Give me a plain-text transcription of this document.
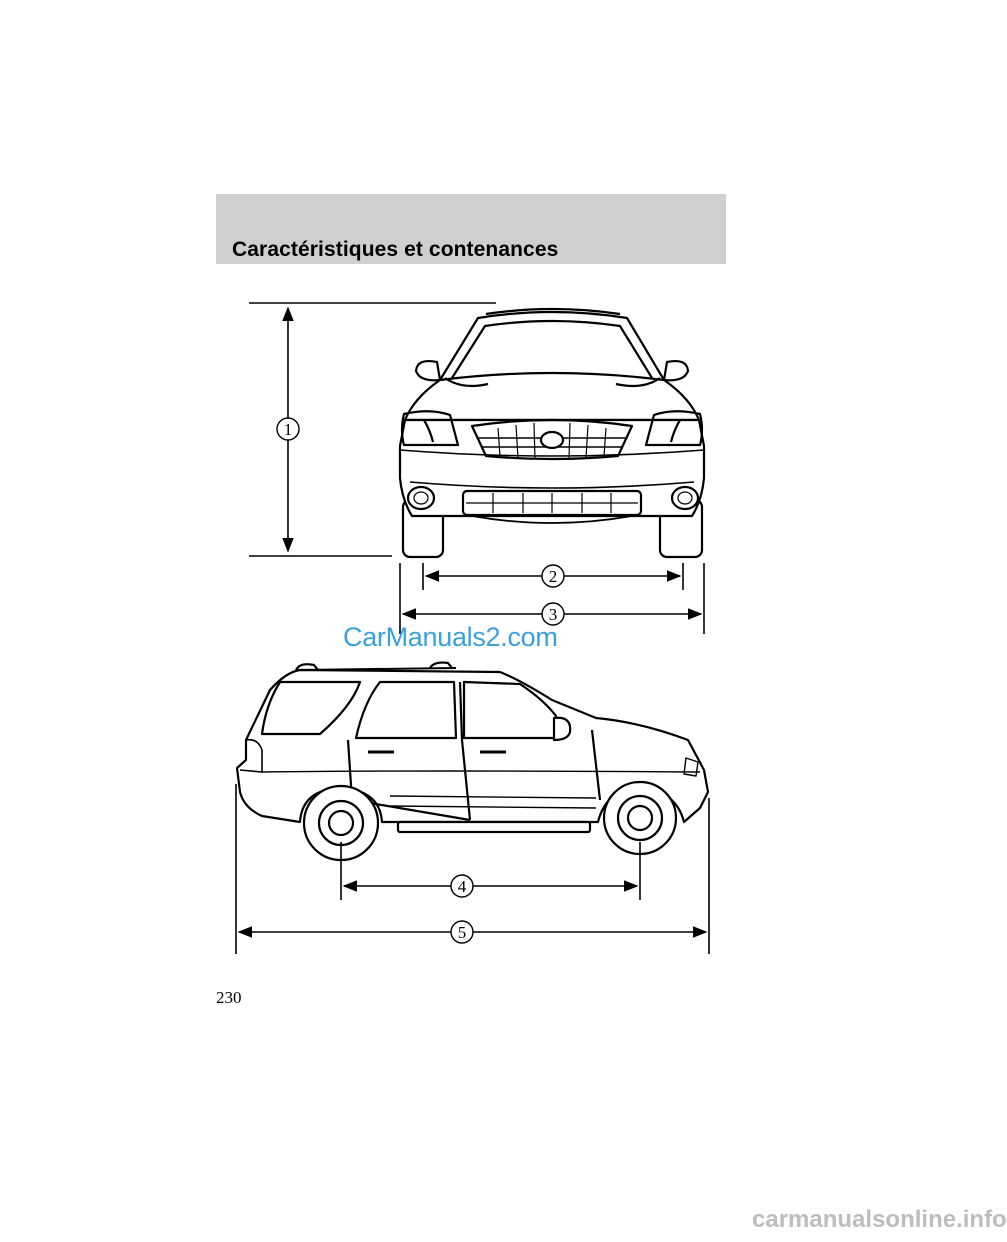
Caractéristiques et contenances
1
2
3
4
5

CarManuals2.com

230

carmanualsonline.info
